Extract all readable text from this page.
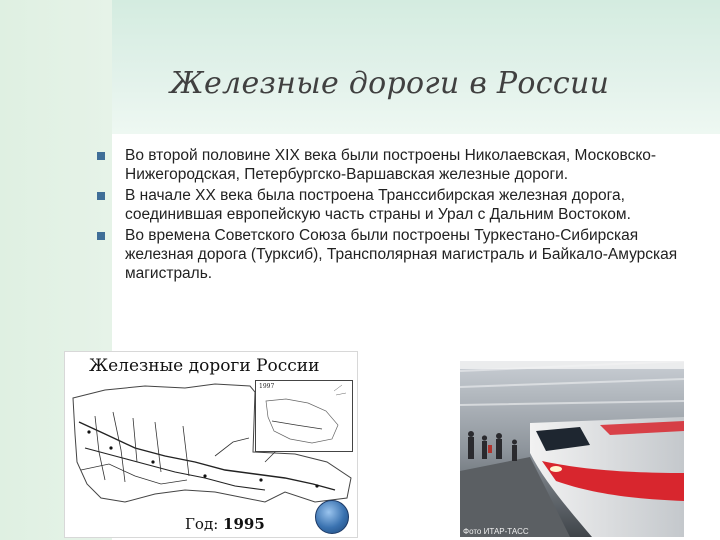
Железные дороги в России
Во второй половине XIX века были построены Николаевская, Московско-Нижегородская, Петербургско-Варшавская железные дороги.
В начале XX века была построена Транссибирская железная дорога, соединившая европейскую часть страны и Урал с Дальним Востоком.
Во времена Советского Союза были построены Туркестано-Сибирская железная дорога (Турксиб), Трансполярная магистраль и Байкало-Амурская магистраль.
Железные дороги России
1997
Год: 1995	Фото ИТАР-ТАСС
